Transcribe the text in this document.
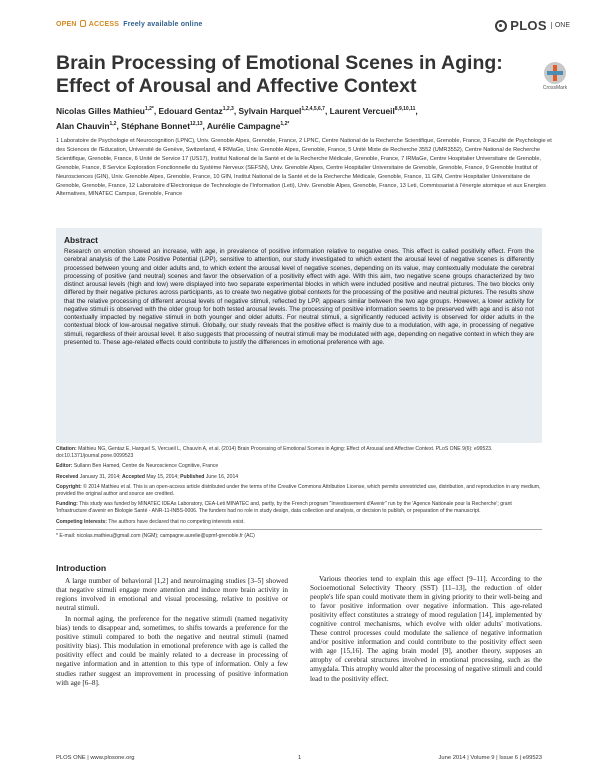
OPEN ACCESS Freely available online	PLOS	ONE
Brain Processing of Emotional Scenes in Aging: Effect of Arousal and Affective Context	CrossMark
Nicolas Gilles Mathieu$^{1,2*}$, Edouard Gentaz$^{1,2,3}$, Sylvain Harquel$^{1,2,4,5,6,7}$, Laurent Vercueil$^{8,9,10,11}$,
Alan Chauvin$^{1,2}$, Stéphane Bonnet$^{12,13}$, Aurélie Campagne$^{1,2*}$
1 Laboratoire de Psychologie et Neurocognition (LPNC), Univ. Grenoble Alpes, Grenoble, France, 2 LPNC, Centre National de la Recherche Scientifique, Grenoble, France, 3 Faculté de Psychologie et des Sciences de l'Education, Université de Genève, Switzerland, 4 IRMaGe, Univ. Grenoble Alpes, Grenoble, France, 5 Unité Mixte de Recherche 3552 (UMR3552), Centre National de Recherche Scientifique, Grenoble, France, 6 Unité de Service 17 (US17), Institut National de la Santé et de la Recherche Médicale, Grenoble, France, 7 IRMaGe, Centre Hospitalier Universitaire de Grenoble, Grenoble, France, 8 Service Exploration Fonctionnelle du Système Nerveux (SEFSN), Univ. Grenoble Alpes, Centre Hospitalier Universitaire de Grenoble, Grenoble, France, 9 Grenoble Institut of Neurosciences (GIN), Univ. Grenoble Alpes, Grenoble, France, 10 GIN, Institut National de la Santé et de la Recherche Médicale, Grenoble, France, 11 GIN, Centre Hospitalier Universitaire de Grenoble, Grenoble, France, 12 Laboratoire d'Electronique de Technologie de l'Information (Leti), Univ. Grenoble Alpes, Grenoble, France, 13 Leti, Commissariat à l'énergie atomique et aux Energies Alternatives, MINATEC Campus, Grenoble, France
Abstract

Research on emotion showed an increase, with age, in prevalence of positive information relative to negative ones. This effect is called positivity effect. From the cerebral analysis of the Late Positive Potential (LPP), sensitive to attention, our study investigated to which extent the arousal level of negative scenes is differently processed between young and older adults and, to which extent the arousal level of negative scenes, depending on its value, may contextually modulate the cerebral processing of positive (and neutral) scenes and favor the observation of a positivity effect with age. With this aim, two negative scene groups characterized by two distinct arousal levels (high and low) were displayed into two separate experimental blocks in which were included positive and neutral pictures. The two blocks only differed by their negative pictures across participants, as to create two negative global contexts for the processing of the positive and neutral pictures. The results show that the relative processing of different arousal levels of negative stimuli, reflected by LPP, appears similar between the two age groups. However, a lower activity for negative stimuli is observed with the older group for both tested arousal levels. The processing of positive information seems to be preserved with age and is also not contextually impacted by negative stimuli in both younger and older adults. For neutral stimuli, a significantly reduced activity is observed for older adults in the contextual block of low-arousal negative stimuli. Globally, our study reveals that the positive effect is mainly due to a modulation, with age, in processing of negative stimuli, regardless of their arousal level. It also suggests that processing of neutral stimuli may be modulated with age, depending on negative context in which they are presented to. These age-related effects could contribute to justify the differences in emotional preference with age.

Citation: Mathieu NG, Gentaz E, Harquel S, Vercueil L, Chauvin A, et al. (2014) Brain Processing of Emotional Scenes in Aging: Effect of Arousal and Affective Context. PLoS ONE 9(6): e99523. doi:10.1371/journal.pone.0099523
Editor: Sullann Ben Hamed, Centre de Neuroscience Cognitive, France
Received January 31, 2014; Accepted May 15, 2014; Published June 16, 2014
Copyright: © 2014 Mathieu et al. This is an open-access article distributed under the terms of the Creative Commons Attribution License, which permits unrestricted use, distribution, and reproduction in any medium, provided the original author and source are credited.
Funding: This study was funded by MINATEC IDEAs Laboratory, CEA-Leti MINATEC and, partly, by the French program "Investissement d'Avenir" run by the 'Agence Nationale pour la Recherche'; grant 'Infrastructure d'avenir en Biologie Santé - ANR-11-INBS-0006. The funders had no role in study design, data collection and analysis, or decision to publish, or preparation of the manuscript.
Competing Interests: The authors have declared that no competing interests exist.
* E-mail: nicolas.mathieu@gmail.com (NGM); campagne.aurelie@upmf-grenoble.fr (AC)
Introduction

A large number of behavioral [1,2] and neuroimaging studies [3–5] showed that negative stimuli engage more attention and induce more brain activity in regions involved in emotional and visual processing, relative to positive or neutral stimuli.

In normal aging, the preference for the negative stimuli (named negativity bias) tends to disappear and, sometimes, to shifts towards a preference for the positive stimuli compared to both the negative and neutral stimuli (named positivity bias). This modulation in emotional preference with age is called the positivity effect and could be mainly related to a decrease in processing of negative information and in attention to this type of information. Only a few studies rather suggest an improvement in processing of positive information with age [6–8].

Various theories tend to explain this age effect [9–11]. According to the Socioemotional Selectivity Theory (SST) [11–13], the reduction of older people's life span could motivate them in giving priority to their well-being and to favor positive information over negative information. This age-related positivity effect constitutes a strategy of mood regulation [14], implemented by cognitive control mechanisms, which evolve with older adults' motivations. These control processes could modulate the salience of negative information and/or positive information and could contribute to the positivity effect seen with age [15,16]. The aging brain model [9], another theory, supposes an atrophy of cerebral structures involved in emotional processing, such as the amygdala. This atrophy would alter the processing of negative stimuli and could lead to the positivity effect.

PLOS ONE | www.plosone.org	1	June 2014 | Volume 9 | Issue 6 | e99523
